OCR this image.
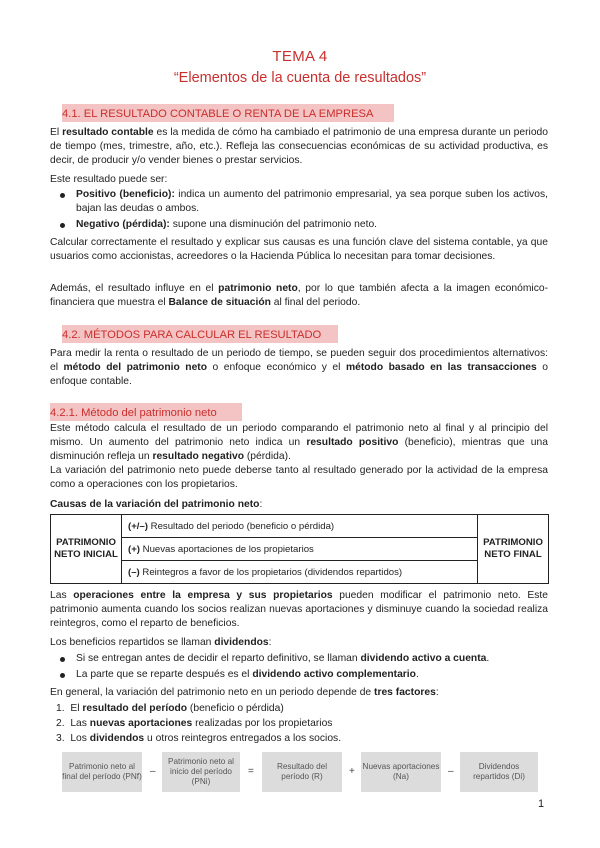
TEMA 4
“Elementos de la cuenta de resultados”
4.1. EL RESULTADO CONTABLE O RENTA DE LA EMPRESA
El resultado contable es la medida de cómo ha cambiado el patrimonio de una empresa durante un periodo de tiempo (mes, trimestre, año, etc.). Refleja las consecuencias económicas de su actividad productiva, es decir, de producir y/o vender bienes o prestar servicios.
Este resultado puede ser:
Positivo (beneficio): indica un aumento del patrimonio empresarial, ya sea porque suben los activos, bajan las deudas o ambos.
Negativo (pérdida): supone una disminución del patrimonio neto.
Calcular correctamente el resultado y explicar sus causas es una función clave del sistema contable, ya que usuarios como accionistas, acreedores o la Hacienda Pública lo necesitan para tomar decisiones.
Además, el resultado influye en el patrimonio neto, por lo que también afecta a la imagen económico-financiera que muestra el Balance de situación al final del periodo.
4.2. MÉTODOS PARA CALCULAR EL RESULTADO
Para medir la renta o resultado de un periodo de tiempo, se pueden seguir dos procedimientos alternativos: el método del patrimonio neto o enfoque económico y el método basado en las transacciones o enfoque contable.
4.2.1. Método del patrimonio neto
Este método calcula el resultado de un periodo comparando el patrimonio neto al final y al principio del mismo. Un aumento del patrimonio neto indica un resultado positivo (beneficio), mientras que una disminución refleja un resultado negativo (pérdida).
La variación del patrimonio neto puede deberse tanto al resultado generado por la actividad de la empresa como a operaciones con los propietarios.
Causas de la variación del patrimonio neto:
PATRIMONIO NETO INICIAL	(+/–) Resultado del periodo (beneficio o pérdida)	PATRIMONIO NETO FINAL
(+) Nuevas aportaciones de los propietarios
(–) Reintegros a favor de los propietarios (dividendos repartidos)
Las operaciones entre la empresa y sus propietarios pueden modificar el patrimonio neto. Este patrimonio aumenta cuando los socios realizan nuevas aportaciones y disminuye cuando la sociedad realiza reintegros, como el reparto de beneficios.
Los beneficios repartidos se llaman dividendos:
Si se entregan antes de decidir el reparto definitivo, se llaman dividendo activo a cuenta.
La parte que se reparte después es el dividendo activo complementario.
En general, la variación del patrimonio neto en un periodo depende de tres factores:
1. El resultado del período (beneficio o pérdida)
2. Las nuevas aportaciones realizadas por los propietarios
3. Los dividendos u otros reintegros entregados a los socios.
Patrimonio neto al final del período (PNf) –
Patrimonio neto al inicio del período (PNi)
=	Resultado del período (R)	+ Nuevas aportaciones (Na)	–	Dividendos repartidos (Di)
1
